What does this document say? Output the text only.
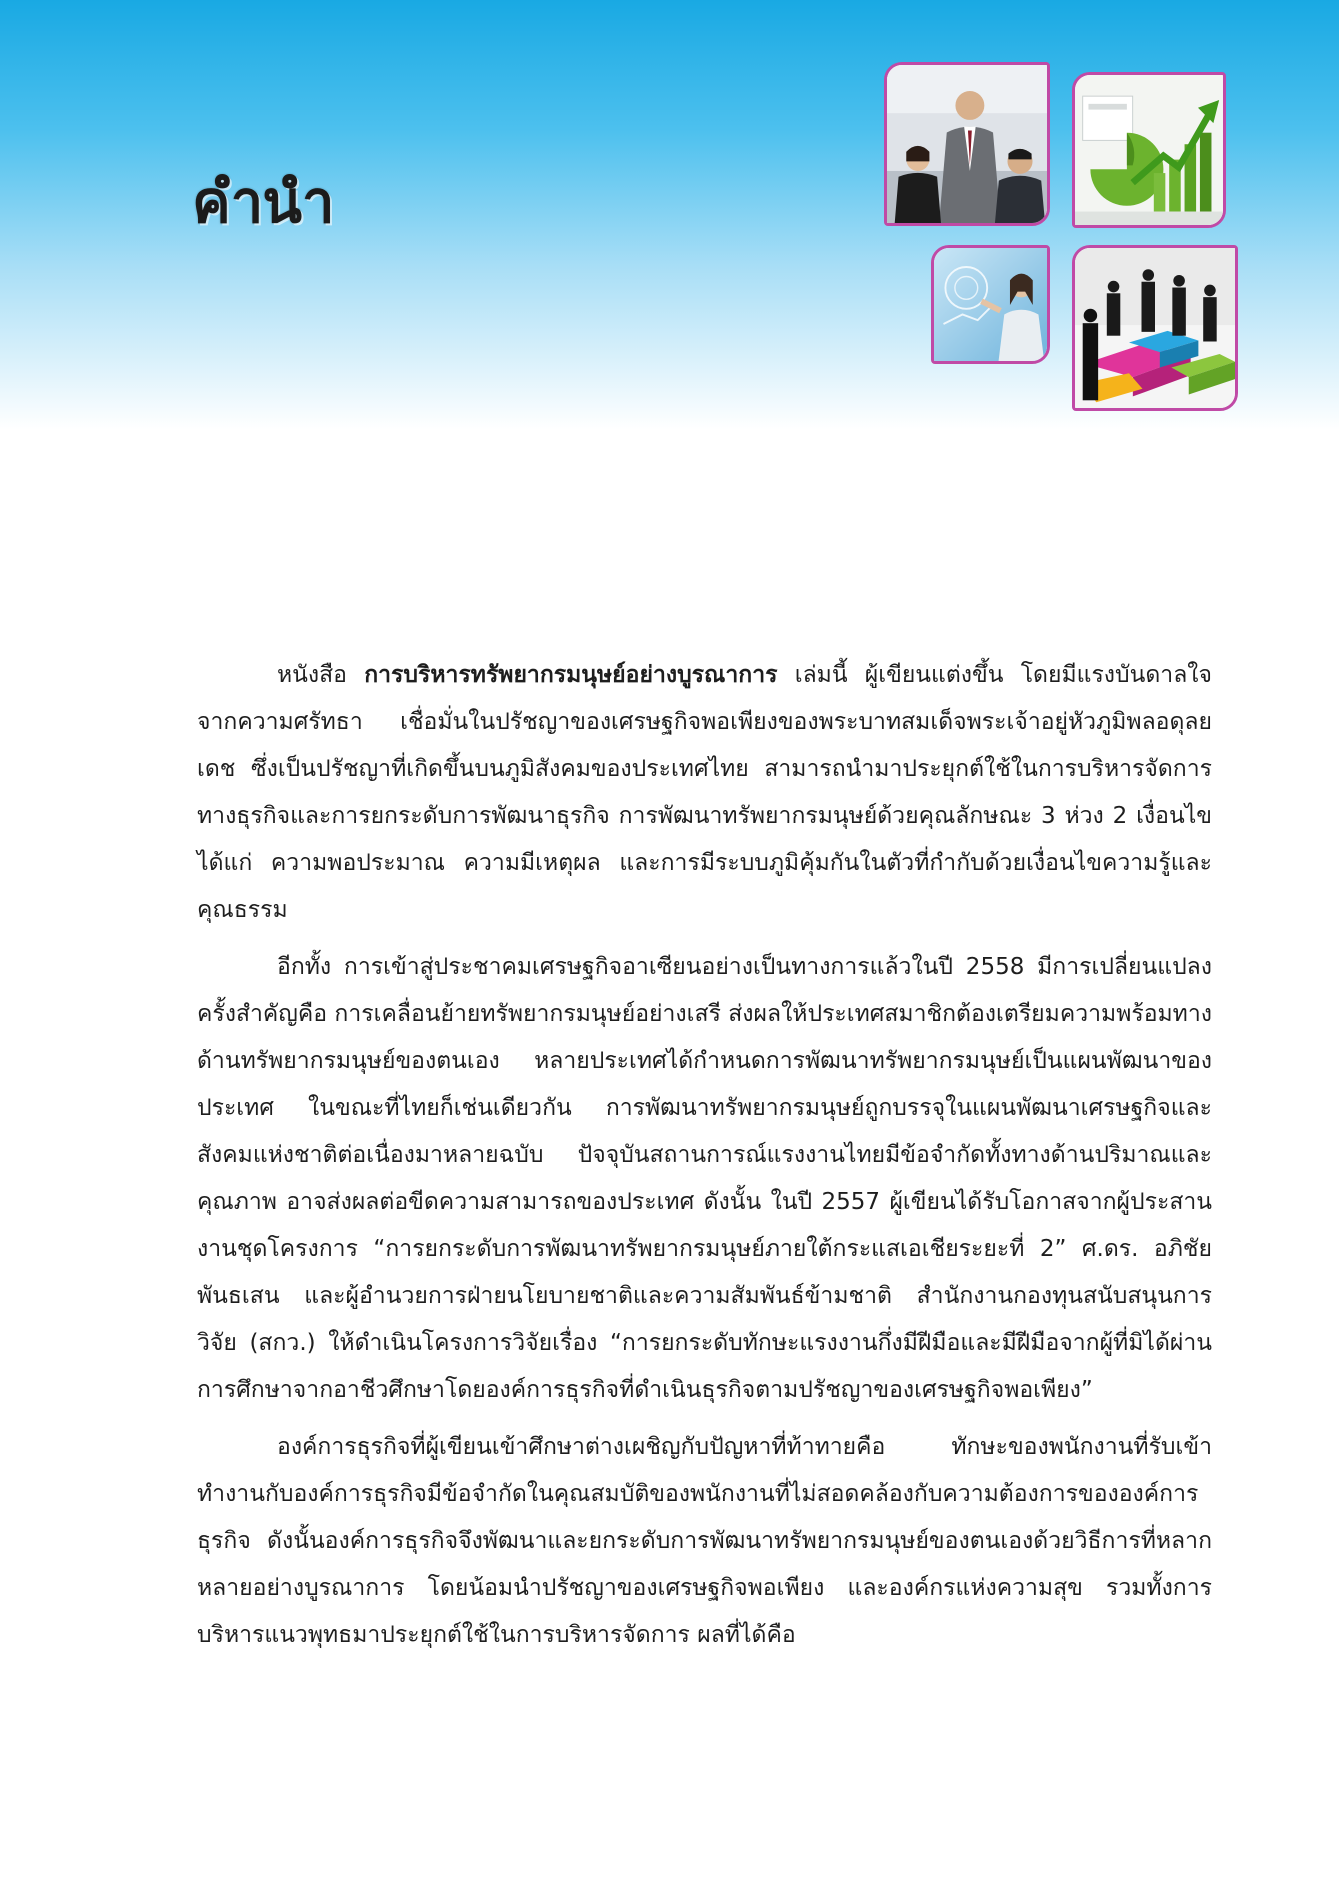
คำนำ

หนังสือ การบริหารทรัพยากรมนุษย์อย่างบูรณาการ เล่มนี้ ผู้เขียนแต่งขึ้น โดยมีแรงบันดาลใจจากความศรัทธา เชื่อมั่นในปรัชญาของเศรษฐกิจพอเพียงของพระบาทสมเด็จพระเจ้าอยู่หัวภูมิพลอดุลยเดช ซึ่งเป็นปรัชญาที่เกิดขึ้นบนภูมิสังคมของประเทศไทย สามารถนำมาประยุกต์ใช้ในการบริหารจัดการทางธุรกิจและการยกระดับการพัฒนาธุรกิจ การพัฒนาทรัพยากรมนุษย์ด้วยคุณลักษณะ 3 ห่วง 2 เงื่อนไข ได้แก่ ความพอประมาณ ความมีเหตุผล และการมีระบบภูมิคุ้มกันในตัวที่กำกับด้วยเงื่อนไขความรู้และคุณธรรม

อีกทั้ง การเข้าสู่ประชาคมเศรษฐกิจอาเซียนอย่างเป็นทางการแล้วในปี 2558 มีการเปลี่ยนแปลงครั้งสำคัญคือ การเคลื่อนย้ายทรัพยากรมนุษย์อย่างเสรี ส่งผลให้ประเทศสมาชิกต้องเตรียมความพร้อมทางด้านทรัพยากรมนุษย์ของตนเอง หลายประเทศได้กำหนดการพัฒนาทรัพยากรมนุษย์เป็นแผนพัฒนาของประเทศ ในขณะที่ไทยก็เช่นเดียวกัน การพัฒนาทรัพยากรมนุษย์ถูกบรรจุในแผนพัฒนาเศรษฐกิจและสังคมแห่งชาติต่อเนื่องมาหลายฉบับ ปัจจุบันสถานการณ์แรงงานไทยมีข้อจำกัดทั้งทางด้านปริมาณและคุณภาพ อาจส่งผลต่อขีดความสามารถของประเทศ ดังนั้น ในปี 2557 ผู้เขียนได้รับโอกาสจากผู้ประสานงานชุดโครงการ “การยกระดับการพัฒนาทรัพยากรมนุษย์ภายใต้กระแสเอเชียระยะที่ 2” ศ.ดร. อภิชัย พันธเสน และผู้อำนวยการฝ่ายนโยบายชาติและความสัมพันธ์ข้ามชาติ สำนักงานกองทุนสนับสนุนการวิจัย (สกว.) ให้ดำเนินโครงการวิจัยเรื่อง “การยกระดับทักษะแรงงานกึ่งมีฝีมือและมีฝีมือจากผู้ที่มิได้ผ่านการศึกษาจากอาชีวศึกษาโดยองค์การธุรกิจที่ดำเนินธุรกิจตามปรัชญาของเศรษฐกิจพอเพียง”

องค์การธุรกิจที่ผู้เขียนเข้าศึกษาต่างเผชิญกับปัญหาที่ท้าทายคือ ทักษะของพนักงานที่รับเข้าทำงานกับองค์การธุรกิจมีข้อจำกัดในคุณสมบัติของพนักงานที่ไม่สอดคล้องกับความต้องการขององค์การธุรกิจ ดังนั้นองค์การธุรกิจจึงพัฒนาและยกระดับการพัฒนาทรัพยากรมนุษย์ของตนเองด้วยวิธีการที่หลากหลายอย่างบูรณาการ โดยน้อมนำปรัชญาของเศรษฐกิจพอเพียง และองค์กรแห่งความสุข รวมทั้งการบริหารแนวพุทธมาประยุกต์ใช้ในการบริหารจัดการ ผลที่ได้คือ
